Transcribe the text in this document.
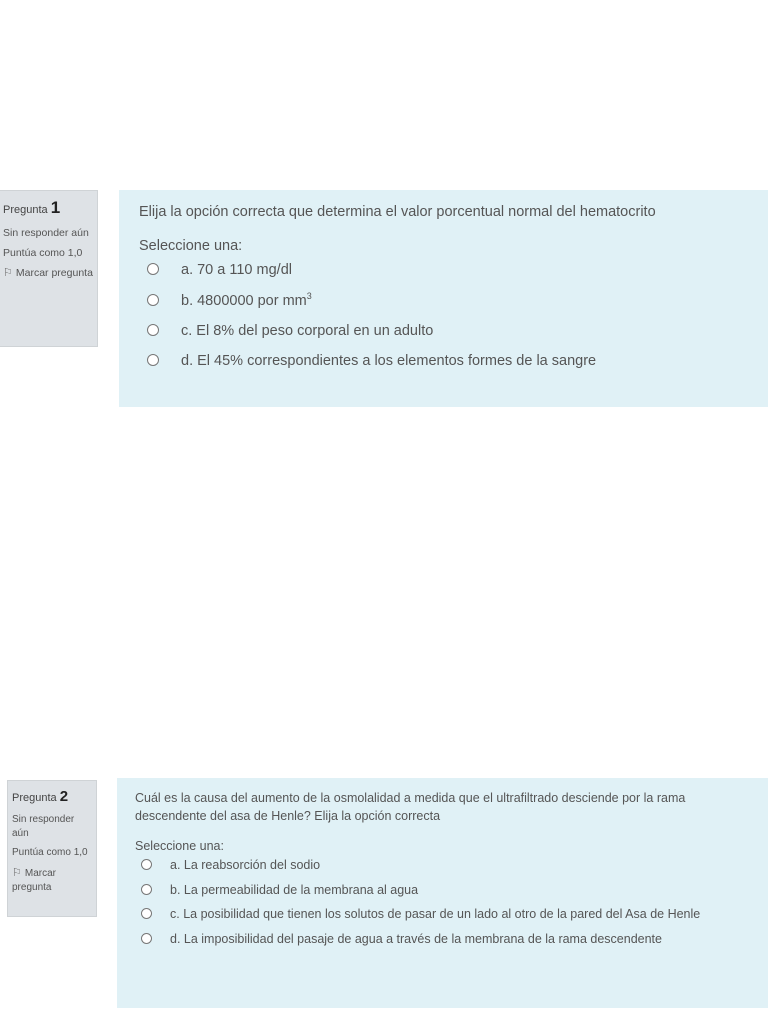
Pregunta 1
Sin responder aún
Puntúa como 1,0
⚐ Marcar pregunta
Elija la opción correcta que determina el valor porcentual normal del hematocrito
Seleccione una:
a. 70 a 110 mg/dl
b. 4800000 por $mm^3$
c. El 8% del peso corporal en un adulto
d. El 45% correspondientes a los elementos formes de la sangre
Pregunta 2
Sin responder aún
Puntúa como 1,0
⚐ Marcar pregunta
Cuál es la causa del aumento de la osmolalidad a medida que el ultrafiltrado desciende por la rama descendente del asa de Henle? Elija la opción correcta
Seleccione una:
a. La reabsorción del sodio
b. La permeabilidad de la membrana al agua
c. La posibilidad que tienen los solutos de pasar de un lado al otro de la pared del Asa de Henle
d. La imposibilidad del pasaje de agua a través de la membrana de la rama descendente
